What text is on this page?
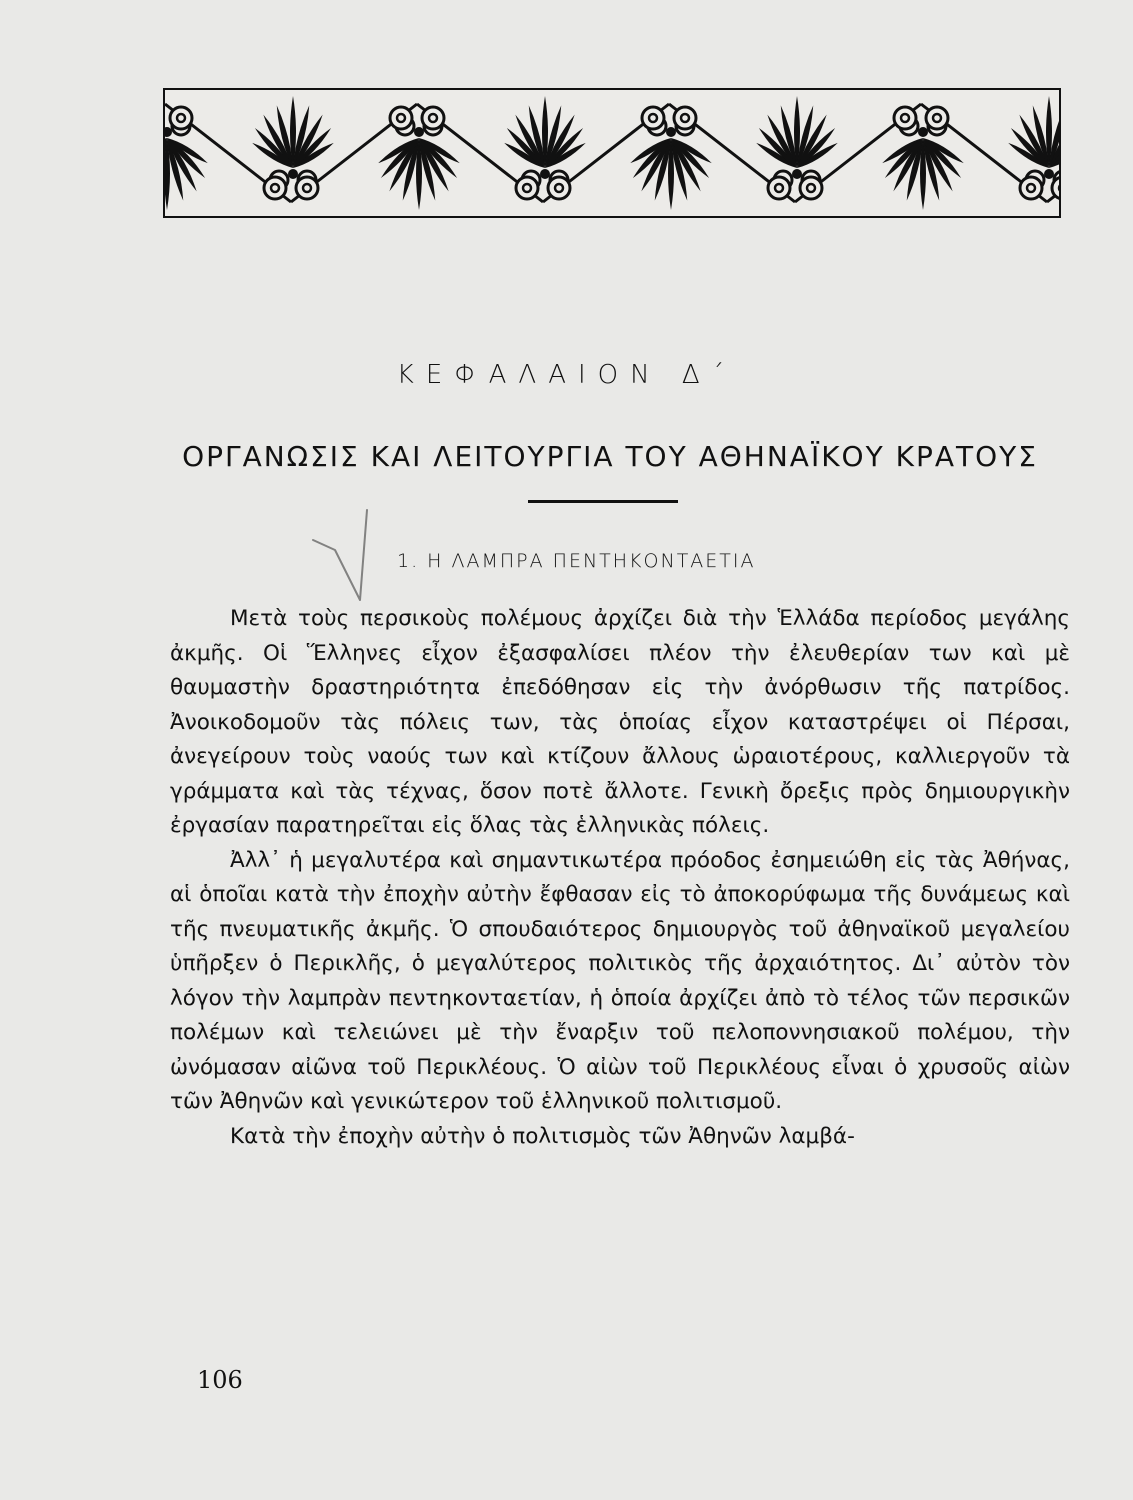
ΚΕΦΑΛΑΙΟΝ Δ΄
ΟΡΓΑΝΩΣΙΣ ΚΑΙ ΛΕΙΤΟΥΡΓΙΑ ΤΟΥ ΑΘΗΝΑΪΚΟΥ ΚΡΑΤΟΥΣ
1. Η ΛΑΜΠΡΑ ΠΕΝΤΗΚΟΝΤΑΕΤΙΑ

Μετὰ τοὺς περσικοὺς πολέμους ἀρχίζει διὰ τὴν Ἑλλάδα περίοδος μεγάλης ἀκμῆς. Οἱ Ἕλληνες εἶχον ἐξασφαλίσει πλέον τὴν ἐλευθερίαν των καὶ μὲ θαυμαστὴν δραστηριότητα ἐπεδόθησαν εἰς τὴν ἀνόρθωσιν τῆς πατρίδος. Ἀνοικοδομοῦν τὰς πόλεις των, τὰς ὁποίας εἶχον καταστρέψει οἱ Πέρσαι, ἀνεγείρουν τοὺς ναούς των καὶ κτίζουν ἄλλους ὡραιοτέρους, καλλιεργοῦν τὰ γράμματα καὶ τὰς τέχνας, ὅσον ποτὲ ἄλλοτε. Γενικὴ ὄρεξις πρὸς δημιουργικὴν ἐργασίαν παρατηρεῖται εἰς ὅλας τὰς ἑλληνικὰς πόλεις.

Ἀλλ᾽ ἡ μεγαλυτέρα καὶ σημαντικωτέρα πρόοδος ἐσημειώθη εἰς τὰς Ἀθήνας, αἱ ὁποῖαι κατὰ τὴν ἐποχὴν αὐτὴν ἔφθασαν εἰς τὸ ἀποκορύφωμα τῆς δυνάμεως καὶ τῆς πνευματικῆς ἀκμῆς. Ὁ σπουδαιότερος δημιουργὸς τοῦ ἀθηναϊκοῦ μεγαλείου ὑπῆρξεν ὁ Περικλῆς, ὁ μεγαλύτερος πολιτικὸς τῆς ἀρχαιότητος. Δι᾽ αὐτὸν τὸν λόγον τὴν λαμπρὰν πεντηκονταετίαν, ἡ ὁποία ἀρχίζει ἀπὸ τὸ τέλος τῶν περσικῶν πολέμων καὶ τελειώνει μὲ τὴν ἔναρξιν τοῦ πελοποννησιακοῦ πολέμου, τὴν ὠνόμασαν αἰῶνα τοῦ Περικλέους. Ὁ αἰὼν τοῦ Περικλέους εἶναι ὁ χρυσοῦς αἰὼν τῶν Ἀθηνῶν καὶ γενικώτερον τοῦ ἑλληνικοῦ πολιτισμοῦ.

Κατὰ τὴν ἐποχὴν αὐτὴν ὁ πολιτισμὸς τῶν Ἀθηνῶν λαμβά-

106
